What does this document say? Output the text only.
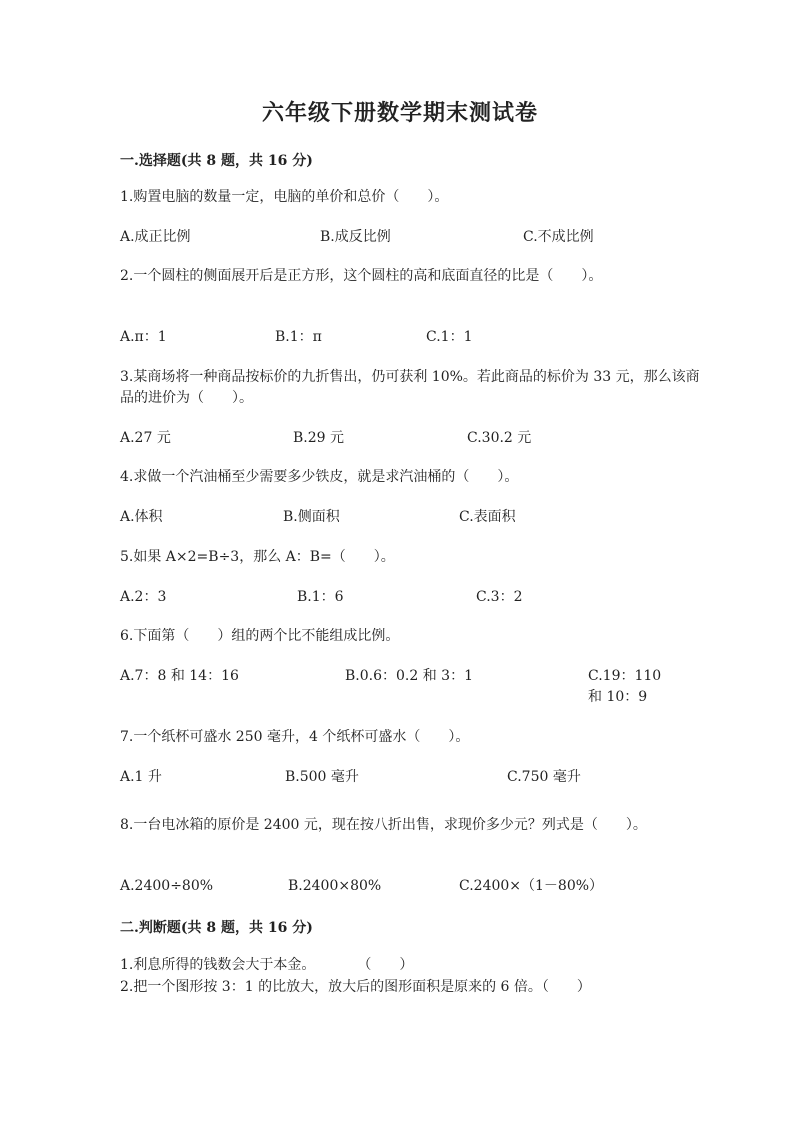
六年级下册数学期末测试卷
一.选择题(共 8 题，共 16 分)
1.购置电脑的数量一定，电脑的单价和总价（　　）。
A.成正比例	B.成反比例	C.不成比例
2.一个圆柱的侧面展开后是正方形，这个圆柱的高和底面直径的比是（　　）。
A.π：1	B.1：π	C.1：1
3.某商场将一种商品按标价的九折售出，仍可获利 10%。若此商品的标价为 33 元，那么该商品的进价为（　　）。
A.27 元	B.29 元	C.30.2 元
4.求做一个汽油桶至少需要多少铁皮，就是求汽油桶的（　　）。
A.体积	B.侧面积	C.表面积
5.如果 A×2=B÷3，那么 A：B=（　　）。
A.2：3	B.1：6	C.3：2
6.下面第（　　）组的两个比不能组成比例。
A.7：8 和 14：16	B.0.6：0.2 和 3：1	C.19：110 和 10：9
7.一个纸杯可盛水 250 毫升，4 个纸杯可盛水（　　）。
A.1 升	B.500 毫升	C.750 毫升
8.一台电冰箱的原价是 2400 元，现在按八折出售，求现价多少元？列式是（　　）。
A.2400÷80%	B.2400×80%	C.2400×（1－80%）
二.判断题(共 8 题，共 16 分)
1.利息所得的钱数会大于本金。　　　　（　　）
2.把一个图形按 3：1 的比放大，放大后的图形面积是原来的 6 倍。（　　）
